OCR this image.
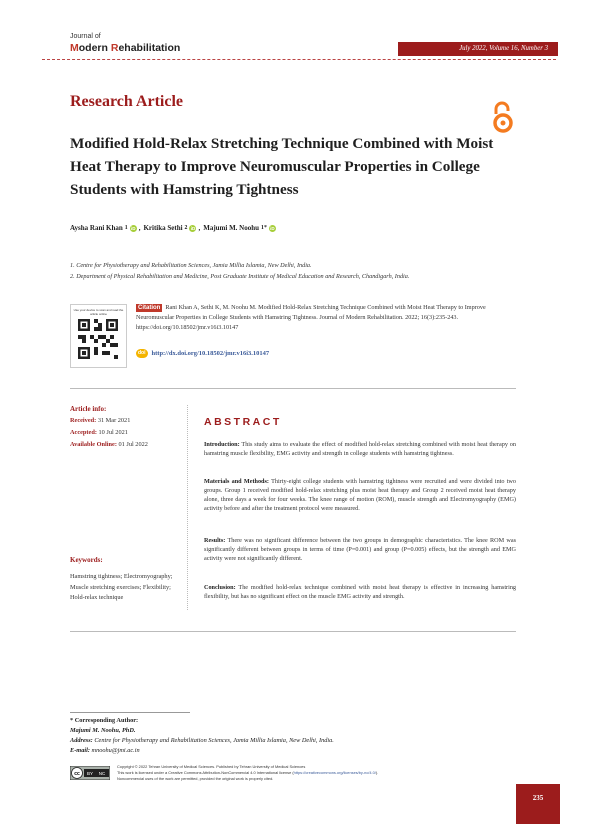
Journal of
Modern Rehabilitation	July 2022, Volume 16, Number 3
Research Article
Modified Hold-Relax Stretching Technique Combined with Moist Heat Therapy to Improve Neuromuscular Properties in College Students with Hamstring Tightness
Aysha Rani Khan 1 iD , Kritika Sethi 2 iD , Majumi M. Noohu 1* iD
1. Centre for Physiotherapy and Rehabilitation Sciences, Jamia Millia Islamia, New Delhi, India.
2. Department of Physical Rehabilitation and Medicine, Post Graduate Institute of Medical Education and Research, Chandigarh, India.
Use your device to scan and read the article online
Citation Rani Khan A, Sethi K, M. Noohu M. Modified Hold-Relax Stretching Technique Combined with Moist Heat Therapy to Improve Neuromuscular Properties in College Students with Hamstring Tightness. Journal of Modern Rehabilitation. 2022; 16(3):235-243. https://doi.org/10.18502/jmr.v16i3.10147
doi http://dx.doi.org/10.18502/jmr.v16i3.10147
Article info:
Received: 31 Mar 2021
Accepted: 10 Jul 2021
Available Online: 01 Jul 2022
Keywords:
Hamstring tightness; Electromyography; Muscle stretching exercises; Flexibility; Hold-relax technique
ABSTRACT
Introduction: This study aims to evaluate the effect of modified hold-relax stretching combined with moist heat therapy on hamstring muscle flexibility, EMG activity and strength in college students with hamstring tightness.
Materials and Methods: Thirty-eight college students with hamstring tightness were recruited and were divided into two groups. Group 1 received modified hold-relax stretching plus moist heat therapy and Group 2 received moist heat therapy alone, three days a week for four weeks. The knee range of motion (ROM), muscle strength and Electromyography (EMG) activity before and after the treatment protocol were measured.
Results: There was no significant difference between the two groups in demographic characteristics. The knee ROM was significantly different between groups in terms of time (P=0.001) and group (P=0.005) effects, but the strength and EMG activity were not significantly different.
Conclusion: The modified hold-relax technique combined with moist heat therapy is effective in increasing hamstring flexibility, but has no significant effect on the muscle EMG activity and strength.
* Corresponding Author:
Majumi M. Noohu, PhD.
Address: Centre for Physiotherapy and Rehabilitation Sciences, Jamia Millia Islamia, New Delhi, India.
E-mail: mnoohu@jmi.ac.in
cc BY NC
Copyright © 2022 Tehran University of Medical Sciences. Published by Tehran University of Medical Sciences
This work is licensed under a Creative Commons Attribution-NonCommercial 4.0 International license (https://creativecommons.org/licenses/by-nc/4.0/).
Noncommercial uses of the work are permitted, provided the original work is properly cited.
235
